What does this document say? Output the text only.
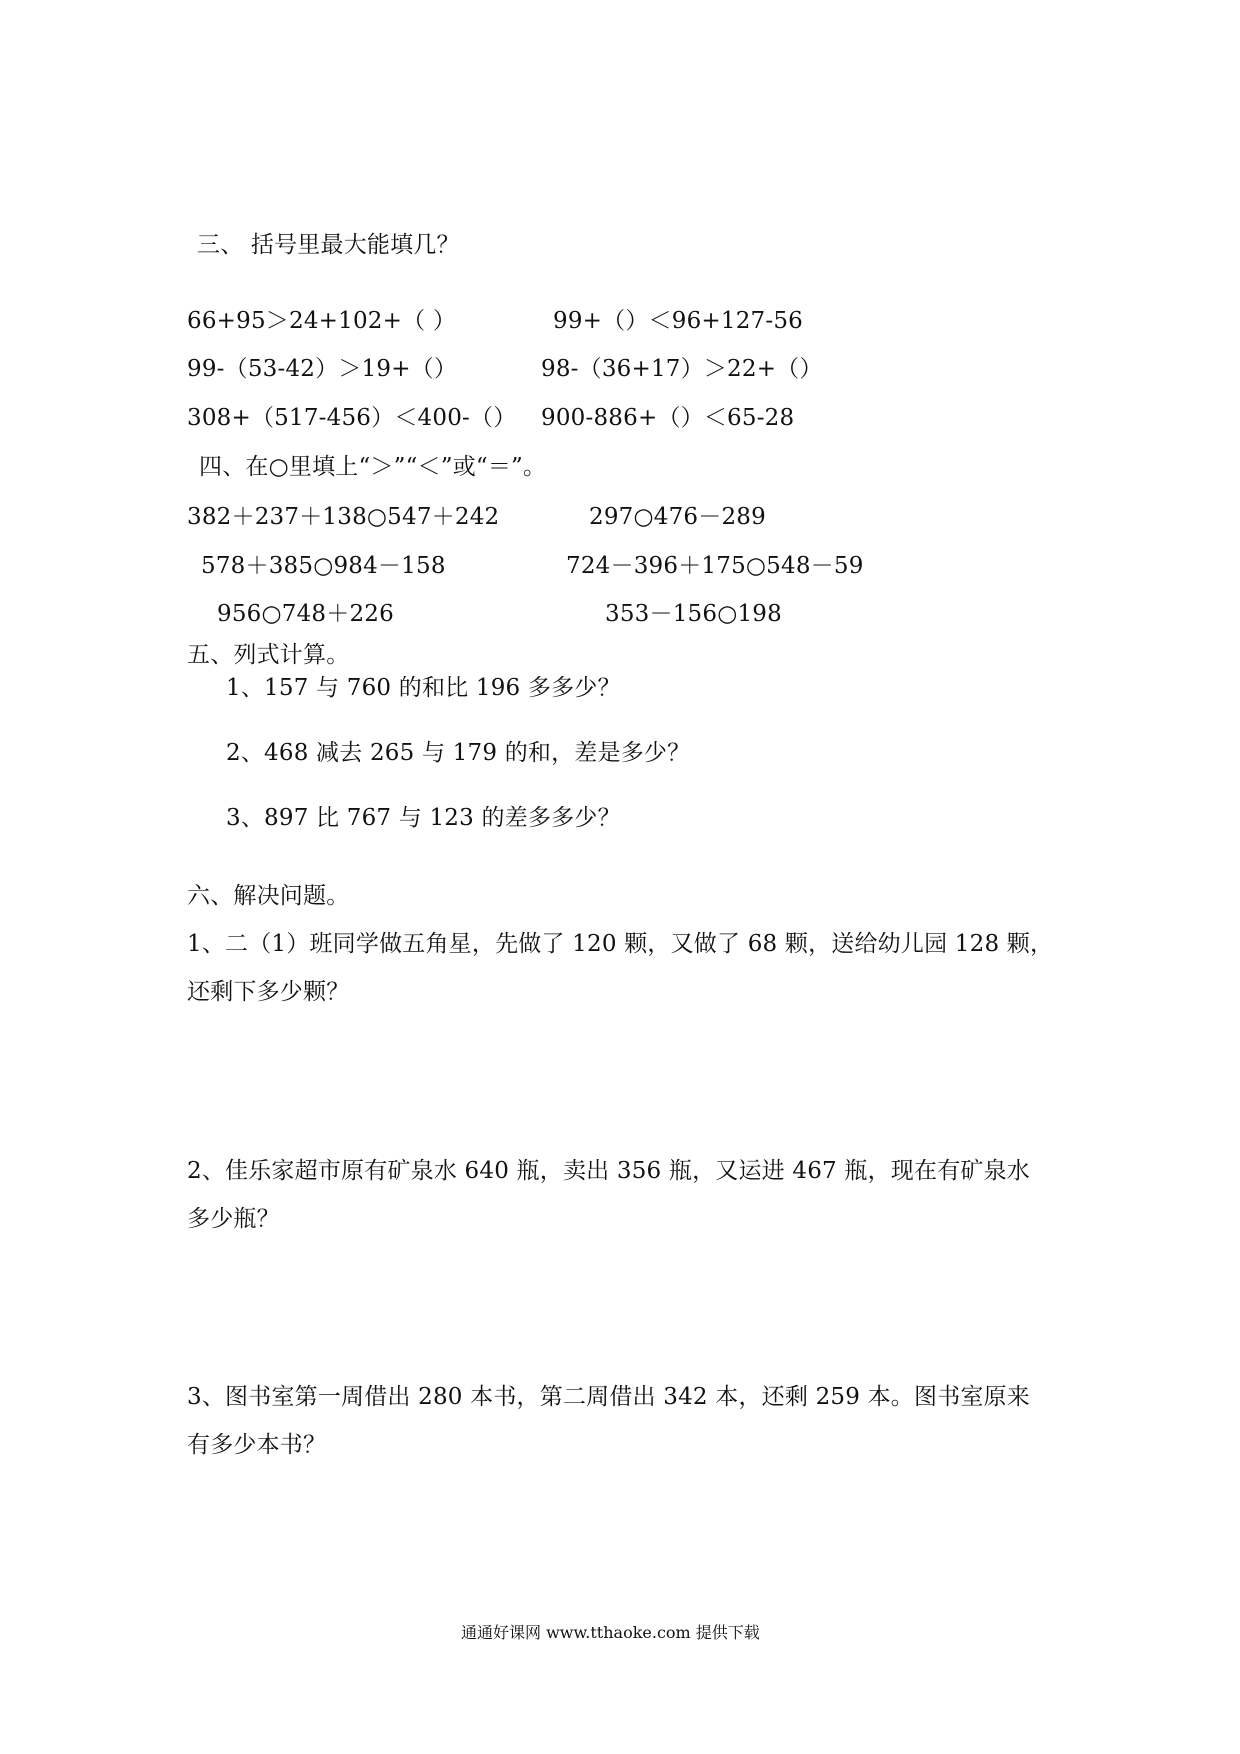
三、 括号里最大能填几？
66+95＞24+102+（ ）	99+（）＜96+127-56
99-（53-42）＞19+（）	98-（36+17）＞22+（）
308+（517-456）＜400-（） 900-886+（）＜65-28
四、在○里填上“＞”“＜”或“＝”。
382＋237＋138○547＋242	297○476－289
578＋385○984－158	724－396＋175○548－59
956○748＋226	353－156○198
五、列式计算。
1、157 与 760 的和比 196 多多少？
2、468 减去 265 与 179 的和，差是多少？
3、897 比 767 与 123 的差多多少？
六、解决问题。
1、二（1）班同学做五角星，先做了 120 颗，又做了 68 颗，送给幼儿园 128 颗，
还剩下多少颗？
2、佳乐家超市原有矿泉水 640 瓶，卖出 356 瓶，又运进 467 瓶，现在有矿泉水
多少瓶？
3、图书室第一周借出 280 本书，第二周借出 342 本，还剩 259 本。图书室原来
有多少本书？
通通好课网 www.tthaoke.com 提供下载
